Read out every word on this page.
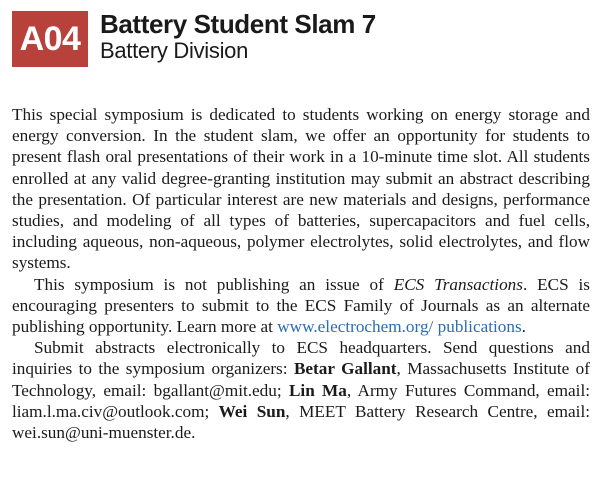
A04 Battery Student Slam 7
Battery Division

This special symposium is dedicated to students working on energy storage and energy conversion. In the student slam, we offer an opportunity for students to present flash oral presentations of their work in a 10-minute time slot. All students enrolled at any valid degree-granting institution may submit an abstract describing the presentation. Of particular interest are new materials and designs, performance studies, and modeling of all types of batteries, supercapacitors and fuel cells, including aqueous, non-aqueous, polymer electrolytes, solid electrolytes, and flow systems.

This symposium is not publishing an issue of ECS Transactions. ECS is encouraging presenters to submit to the ECS Family of Journals as an alternate publishing opportunity. Learn more at www.electrochem.org/ publications.

Submit abstracts electronically to ECS headquarters. Send questions and inquiries to the symposium organizers: Betar Gallant, Massachusetts Institute of Technology, email: bgallant@mit.edu; Lin Ma, Army Futures Command, email: liam.l.ma.civ@outlook.com; Wei Sun, MEET Battery Research Centre, email: wei.sun@uni-muenster.de.
